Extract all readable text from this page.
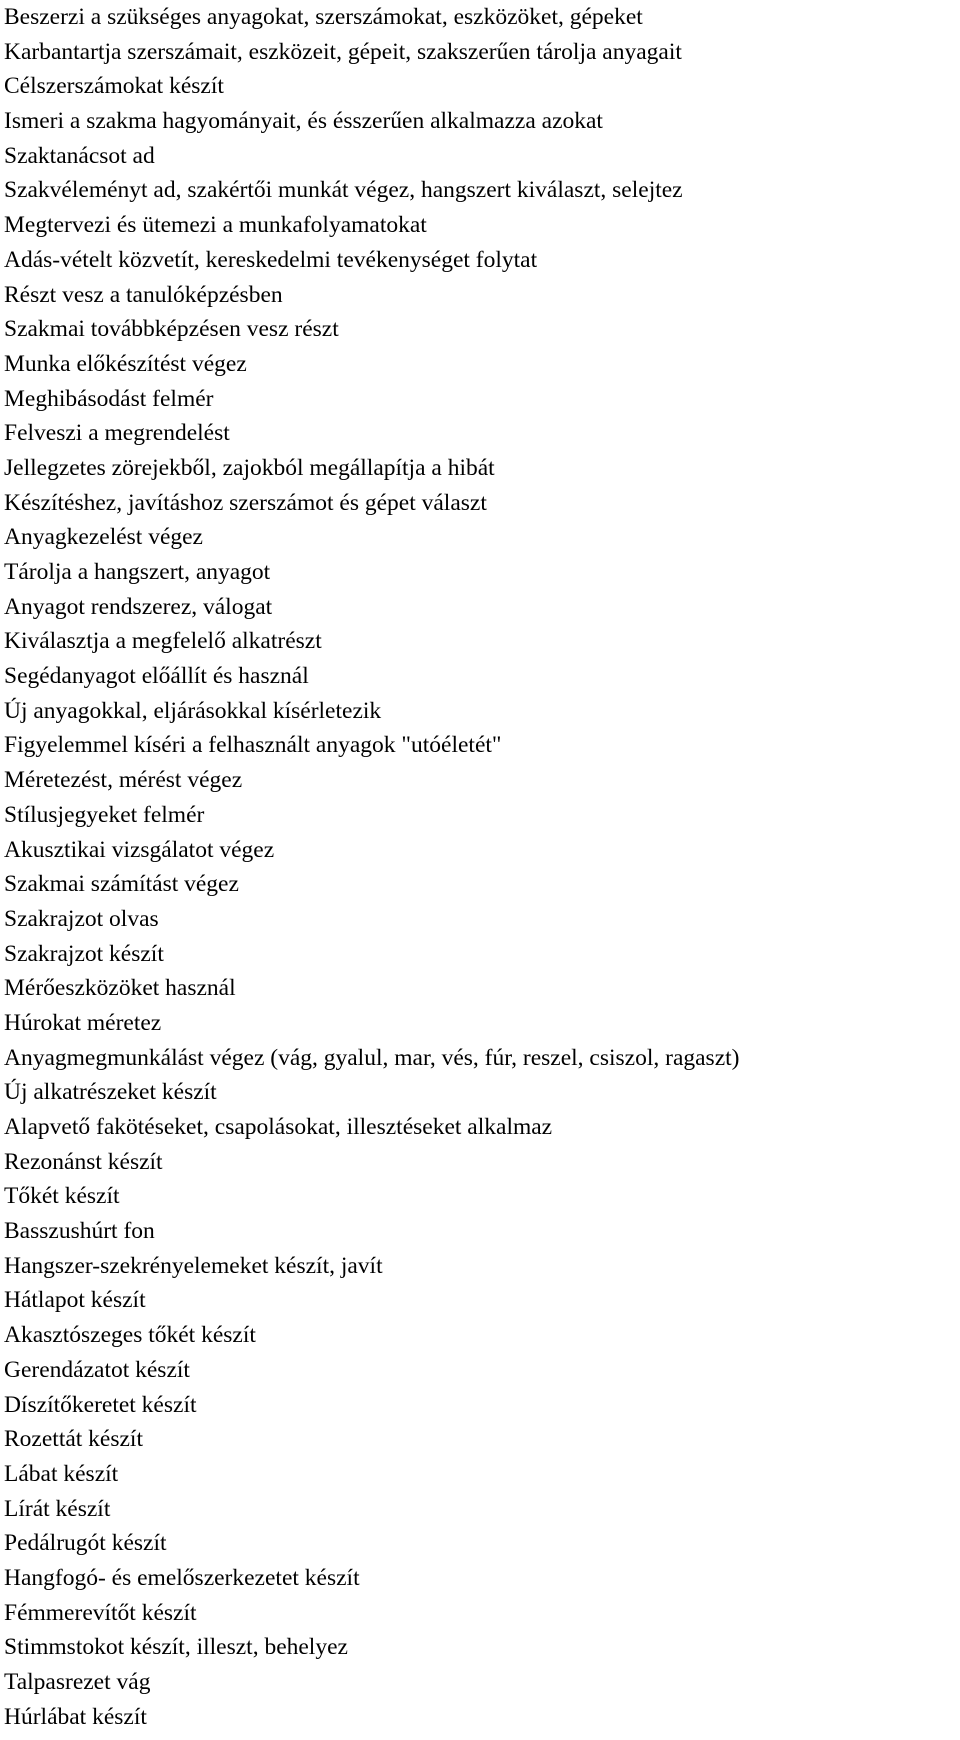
Beszerzi a szükséges anyagokat, szerszámokat, eszközöket, gépeket
Karbantartja szerszámait, eszközeit, gépeit, szakszerűen tárolja anyagait
Célszerszámokat készít
Ismeri a szakma hagyományait, és ésszerűen alkalmazza azokat
Szaktanácsot ad
Szakvéleményt ad, szakértői munkát végez, hangszert kiválaszt, selejtez
Megtervezi és ütemezi a munkafolyamatokat
Adás-vételt közvetít, kereskedelmi tevékenységet folytat
Részt vesz a tanulóképzésben
Szakmai továbbképzésen vesz részt
Munka előkészítést végez
Meghibásodást felmér
Felveszi a megrendelést
Jellegzetes zörejekből, zajokból megállapítja a hibát
Készítéshez, javításhoz szerszámot és gépet választ
Anyagkezelést végez
Tárolja a hangszert, anyagot
Anyagot rendszerez, válogat
Kiválasztja a megfelelő alkatrészt
Segédanyagot előállít és használ
Új anyagokkal, eljárásokkal kísérletezik
Figyelemmel kíséri a felhasznált anyagok "utóéletét"
Méretezést, mérést végez
Stílusjegyeket felmér
Akusztikai vizsgálatot végez
Szakmai számítást végez
Szakrajzot olvas
Szakrajzot készít
Mérőeszközöket használ
Húrokat méretez
Anyagmegmunkálást végez (vág, gyalul, mar, vés, fúr, reszel, csiszol, ragaszt)
Új alkatrészeket készít
Alapvető fakötéseket, csapolásokat, illesztéseket alkalmaz
Rezonánst készít
Tőkét készít
Basszushúrt fon
Hangszer-szekrényelemeket készít, javít
Hátlapot készít
Akasztószeges tőkét készít
Gerendázatot készít
Díszítőkeretet készít
Rozettát készít
Lábat készít
Lírát készít
Pedálrugót készít
Hangfogó- és emelőszerkezetet készít
Fémmerevítőt készít
Stimmstokot készít, illeszt, behelyez
Talpasrezet vág
Húrlábat készít
